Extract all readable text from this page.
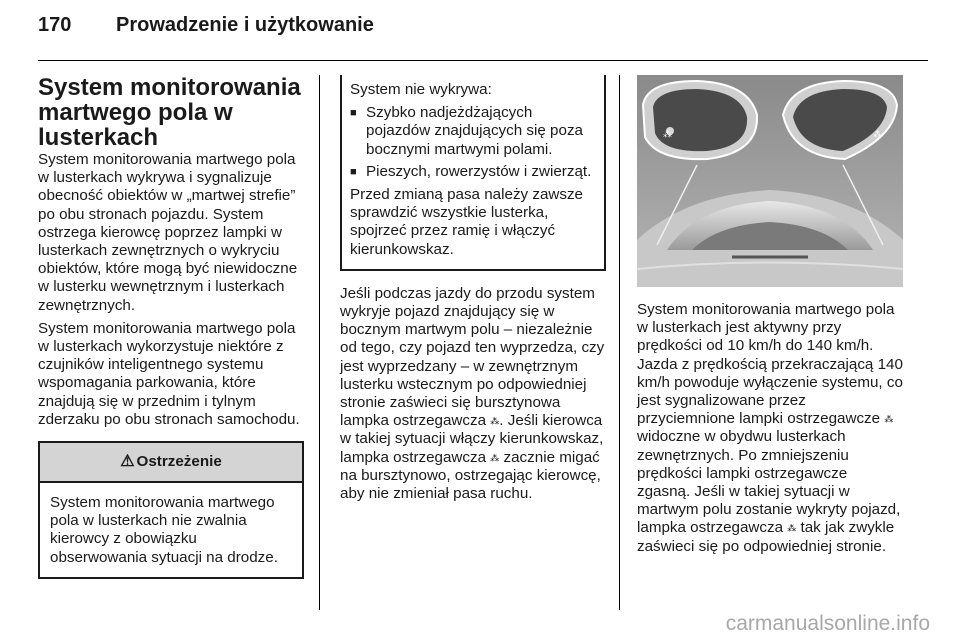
170 Prowadzenie i użytkowanie
System monitorowania martwego pola w lusterkach

System monitorowania martwego pola w lusterkach wykrywa i sygnalizuje obecność obiektów w „martwej strefie” po obu stronach pojazdu. System ostrzega kierowcę poprzez lampki w lusterkach zewnętrznych o wykryciu obiektów, które mogą być niewidoczne w lusterku wewnętrznym i lusterkach zewnętrznych.

System monitorowania martwego pola w lusterkach wykorzystuje niektóre z czujników inteligentnego systemu wspomagania parkowania, które znajdują się w przednim i tylnym zderzaku po obu stronach samochodu.

⚠ Ostrzeżenie
System monitorowania martwego pola w lusterkach nie zwalnia kierowcy z obowiązku obserwowania sytuacji na drodze.
System nie wykrywa:
■ Szybko nadjeżdżających pojazdów znajdujących się poza bocznymi martwymi polami.
■ Pieszych, rowerzystów i zwierząt.
Przed zmianą pasa należy zawsze sprawdzić wszystkie lusterka, spojrzeć przez ramię i włączyć kierunkowskaz.

Jeśli podczas jazdy do przodu system wykryje pojazd znajdujący się w bocznym martwym polu – niezależnie od tego, czy pojazd ten wyprzedza, czy jest wyprzedzany – w zewnętrznym lusterku wstecznym po odpowiedniej stronie zaświeci się bursztynowa lampka ostrzegawcza ⁂. Jeśli kierowca w takiej sytuacji włączy kierunkowskaz, lampka ostrzegawcza ⁂ zacznie migać na bursztynowo, ostrzegając kierowcę, aby nie zmieniał pasa ruchu.

⁂	⁂

System monitorowania martwego pola w lusterkach jest aktywny przy prędkości od 10 km/h do 140 km/h. Jazda z prędkością przekraczającą 140 km/h powoduje wyłączenie systemu, co jest sygnalizowane przez przyciemnione lampki ostrzegawcze ⁂ widoczne w obydwu lusterkach zewnętrznych. Po zmniejszeniu prędkości lampki ostrzegawcze zgasną. Jeśli w takiej sytuacji w martwym polu zostanie wykryty pojazd, lampka ostrzegawcza ⁂ tak jak zwykle zaświeci się po odpowiedniej stronie.

carmanualsonline.info
